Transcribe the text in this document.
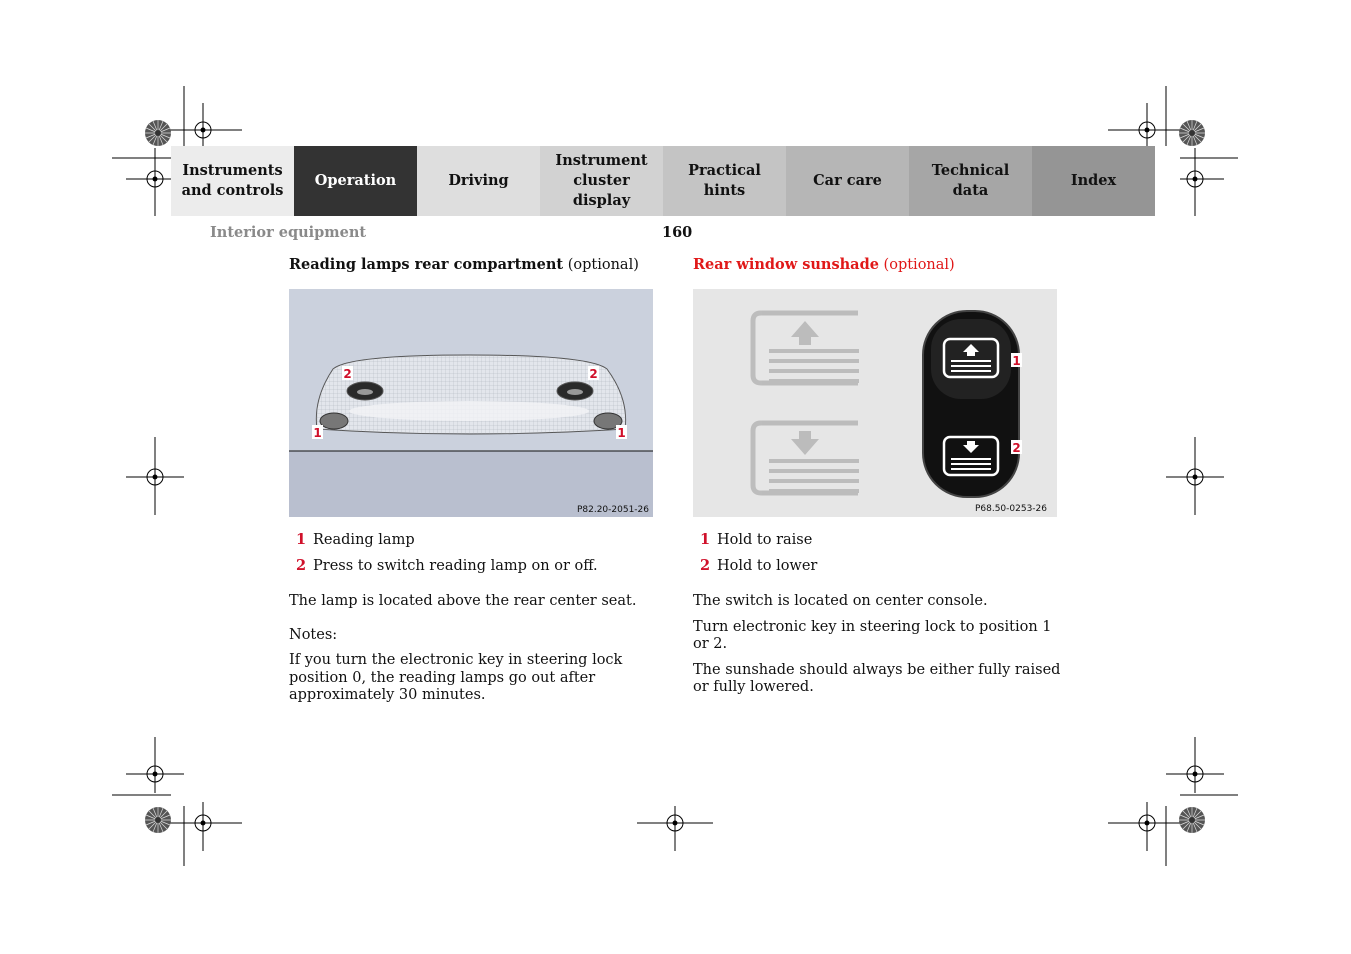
Instruments
and controls
Operation	Driving
Instrument
cluster display
Practical hints
Car care
Technical
data
Index
Interior equipment	160

Reading lamps rear compartment (optional)

2	2
1	1
P82.20-2051-26
1 Reading lamp
2 Press to switch reading lamp on or off.

The lamp is located above the rear center seat.

Notes:

If you turn the electronic key in steering lock position 0, the reading lamps go out after approximately 30 minutes.

Rear window sunshade (optional)

1
2
P68.50-0253-26
1 Hold to raise
2 Hold to lower

The switch is located on center console.

Turn electronic key in steering lock to position 1 or 2.

The sunshade should always be either fully raised or fully lowered.
